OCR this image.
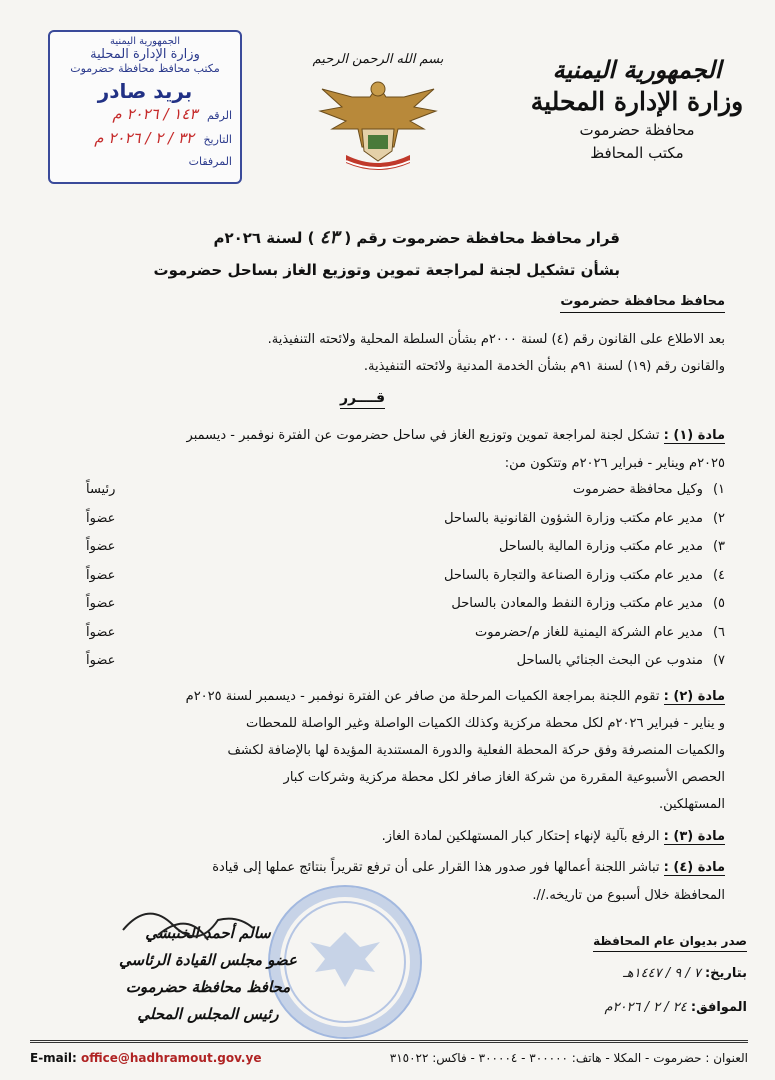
الجمهورية اليمنية
وزارة الإدارة المحلية
محافظة حضرموت
مكتب المحافظ
بسم الله الرحمن الرحيم
الجمهورية اليمنية
وزارة الإدارة المحلية
مكتب محافظ محافظة حضرموت
بريد صادر
الرقم ١٤٣ / ٢٠٢٦ م
التاريخ ٣٢ / ٢ / ٢٠٢٦ م
المرفقات
قرار محافظ محافظة حضرموت رقم ( ٤٣ ) لسنة ٢٠٢٦م
بشأن تشكيل لجنة لمراجعة تموين وتوزيع الغاز بساحل حضرموت
محافظ محافظة حضرموت
بعد الاطلاع على القانون رقم (٤) لسنة ٢٠٠٠م بشأن السلطة المحلية ولائحته التنفيذية.
والقانون رقم (١٩) لسنة ٩١م بشأن الخدمة المدنية ولائحته التنفيذية.
قــــرر
مادة (١) : تشكل لجنة لمراجعة تموين وتوزيع الغاز في ساحل حضرموت عن الفترة نوفمبر - ديسمبر
٢٠٢٥م ويناير - فبراير ٢٠٢٦م وتتكون من:
١)وكيل محافظة حضرموت
رئيساً
٢)مدير عام مكتب وزارة الشؤون القانونية بالساحل
عضواً
٣)مدير عام مكتب وزارة المالية بالساحل
عضواً
٤)مدير عام مكتب وزارة الصناعة والتجارة بالساحل
عضواً
٥)مدير عام مكتب وزارة النفط والمعادن بالساحل
عضواً
٦)مدير عام الشركة اليمنية للغاز م/حضرموت
عضواً
٧)مندوب عن البحث الجنائي بالساحل
عضواً
مادة (٢) : تقوم اللجنة بمراجعة الكميات المرحلة من صافر عن الفترة نوفمبر - ديسمبر لسنة ٢٠٢٥م
و يناير - فبراير ٢٠٢٦م لكل محطة مركزية وكذلك الكميات الواصلة وغير الواصلة للمحطات
والكميات المنصرفة وفق حركة المحطة الفعلية والدورة المستندية المؤيدة لها بالإضافة لكشف
الحصص الأسبوعية المقررة من شركة الغاز صافر لكل محطة مركزية وشركات كبار
المستهلكين.
مادة (٣) : الرفع بآلية لإنهاء إحتكار كبار المستهلكين لمادة الغاز.
مادة (٤) : تباشر اللجنة أعمالها فور صدور هذا القرار على أن ترفع تقريراً بنتائج عملها إلى قيادة
المحافظة خلال أسبوع من تاريخه.//.
سالم أحمد الخنبشي
عضو مجلس القيادة الرئاسي
محافظ محافظة حضرموت
رئيس المجلس المحلي
صدر بديوان عام المحافظة
بتاريخ: ٧ / ٩ / ١٤٤٧هـ
الموافق: ٢٤ / ٢ / ٢٠٢٦م
E-mail: office@hadhramout.gov.ye	العنوان : حضرموت - المكلا - هاتف: ٣٠٠٠٠٠ - ٣٠٠٠٠٤ - فاكس: ٣١٥٠٢٢
